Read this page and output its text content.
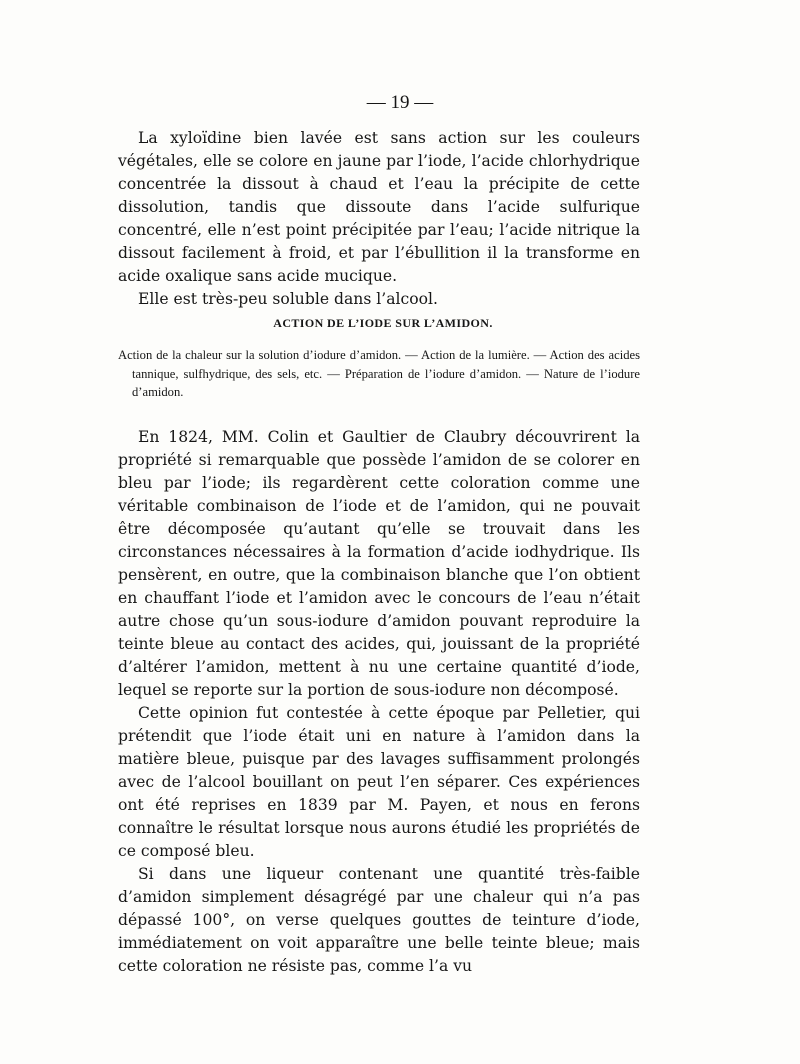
— 19 —

La xyloïdine bien lavée est sans action sur les couleurs végétales, elle se colore en jaune par l’iode, l’acide chlorhydrique concentrée la dissout à chaud et l’eau la précipite de cette dissolution, tandis que dissoute dans l’acide sulfurique concentré, elle n’est point précipitée par l’eau; l’acide nitrique la dissout facilement à froid, et par l’ébullition il la transforme en acide oxalique sans acide mucique.

Elle est très-peu soluble dans l’alcool.

ACTION DE L’IODE SUR L’AMIDON.

Action de la chaleur sur la solution d’iodure d’amidon. — Action de la lumière. — Action des acides tannique, sulfhydrique, des sels, etc. — Préparation de l’iodure d’amidon. — Nature de l’iodure d’amidon.

En 1824, MM. Colin et Gaultier de Claubry découvrirent la propriété si remarquable que possède l’amidon de se colorer en bleu par l’iode; ils regardèrent cette coloration comme une véritable combinaison de l’iode et de l’amidon, qui ne pouvait être décomposée qu’autant qu’elle se trouvait dans les circonstances nécessaires à la formation d’acide iodhydrique. Ils pensèrent, en outre, que la combinaison blanche que l’on obtient en chauffant l’iode et l’amidon avec le concours de l’eau n’était autre chose qu’un sous-iodure d’amidon pouvant reproduire la teinte bleue au contact des acides, qui, jouissant de la propriété d’altérer l’amidon, mettent à nu une certaine quantité d’iode, lequel se reporte sur la portion de sous-iodure non décomposé.

Cette opinion fut contestée à cette époque par Pelletier, qui prétendit que l’iode était uni en nature à l’amidon dans la matière bleue, puisque par des lavages suffisamment prolongés avec de l’alcool bouillant on peut l’en séparer. Ces expériences ont été reprises en 1839 par M. Payen, et nous en ferons connaître le résultat lorsque nous aurons étudié les propriétés de ce composé bleu.

Si dans une liqueur contenant une quantité très-faible d’amidon simplement désagrégé par une chaleur qui n’a pas dépassé 100°, on verse quelques gouttes de teinture d’iode, immédiatement on voit apparaître une belle teinte bleue; mais cette coloration ne résiste pas, comme l’a vu
